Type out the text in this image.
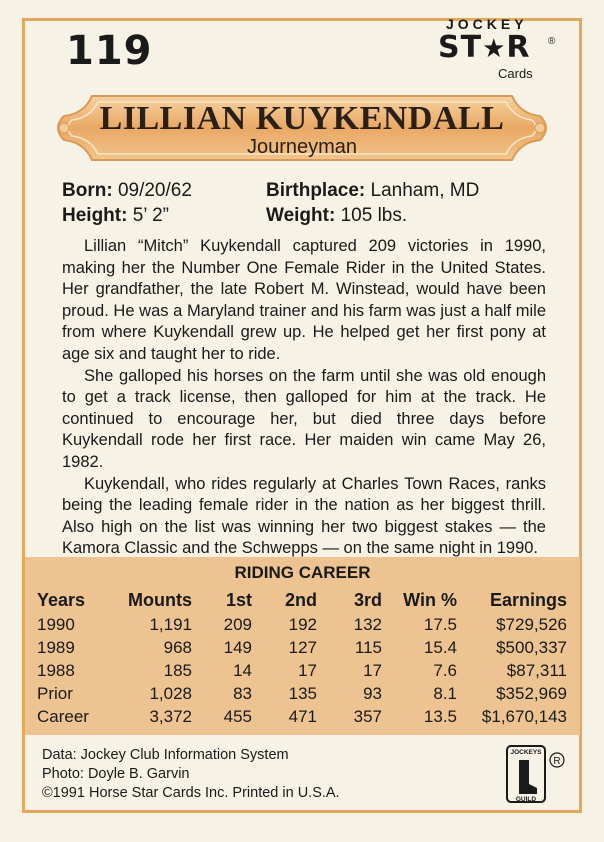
119
JOCKEY
ST★R ®
Cards
LILLIAN KUYKENDALL
Journeyman
Born: 09/20/62	Birthplace: Lanham, MD
Height: 5’ 2”	Weight: 105 lbs.

Lillian “Mitch” Kuykendall captured 209 victories in 1990, making her the Number One Female Rider in the United States. Her grandfather, the late Robert M. Winstead, would have been proud. He was a Maryland trainer and his farm was just a half mile from where Kuykendall grew up. He helped get her first pony at age six and taught her to ride.

She galloped his horses on the farm until she was old enough to get a track license, then galloped for him at the track. He continued to encourage her, but died three days before Kuykendall rode her first race. Her maiden win came May 26, 1982.

Kuykendall, who rides regularly at Charles Town Races, ranks being the leading female rider in the nation as her biggest thrill. Also high on the list was winning her two biggest stakes — the Kamora Classic and the Schwepps — on the same night in 1990.

RIDING CAREER
Years	Mounts	1st	2nd	3rd	Win %	Earnings
1990	1,191	209	192	132	17.5	$729,526
1989	968	149	127	115	15.4	$500,337
1988	185	14	17	17	7.6	$87,311
Prior	1,028	83	135	93	8.1	$352,969
Career	3,372	455	471	357	13.5	$1,670,143
Data: Jockey Club Information System
Photo: Doyle B. Garvin
©1991 Horse Star Cards Inc. Printed in U.S.A.
JOCKEYS
GUILD
R
